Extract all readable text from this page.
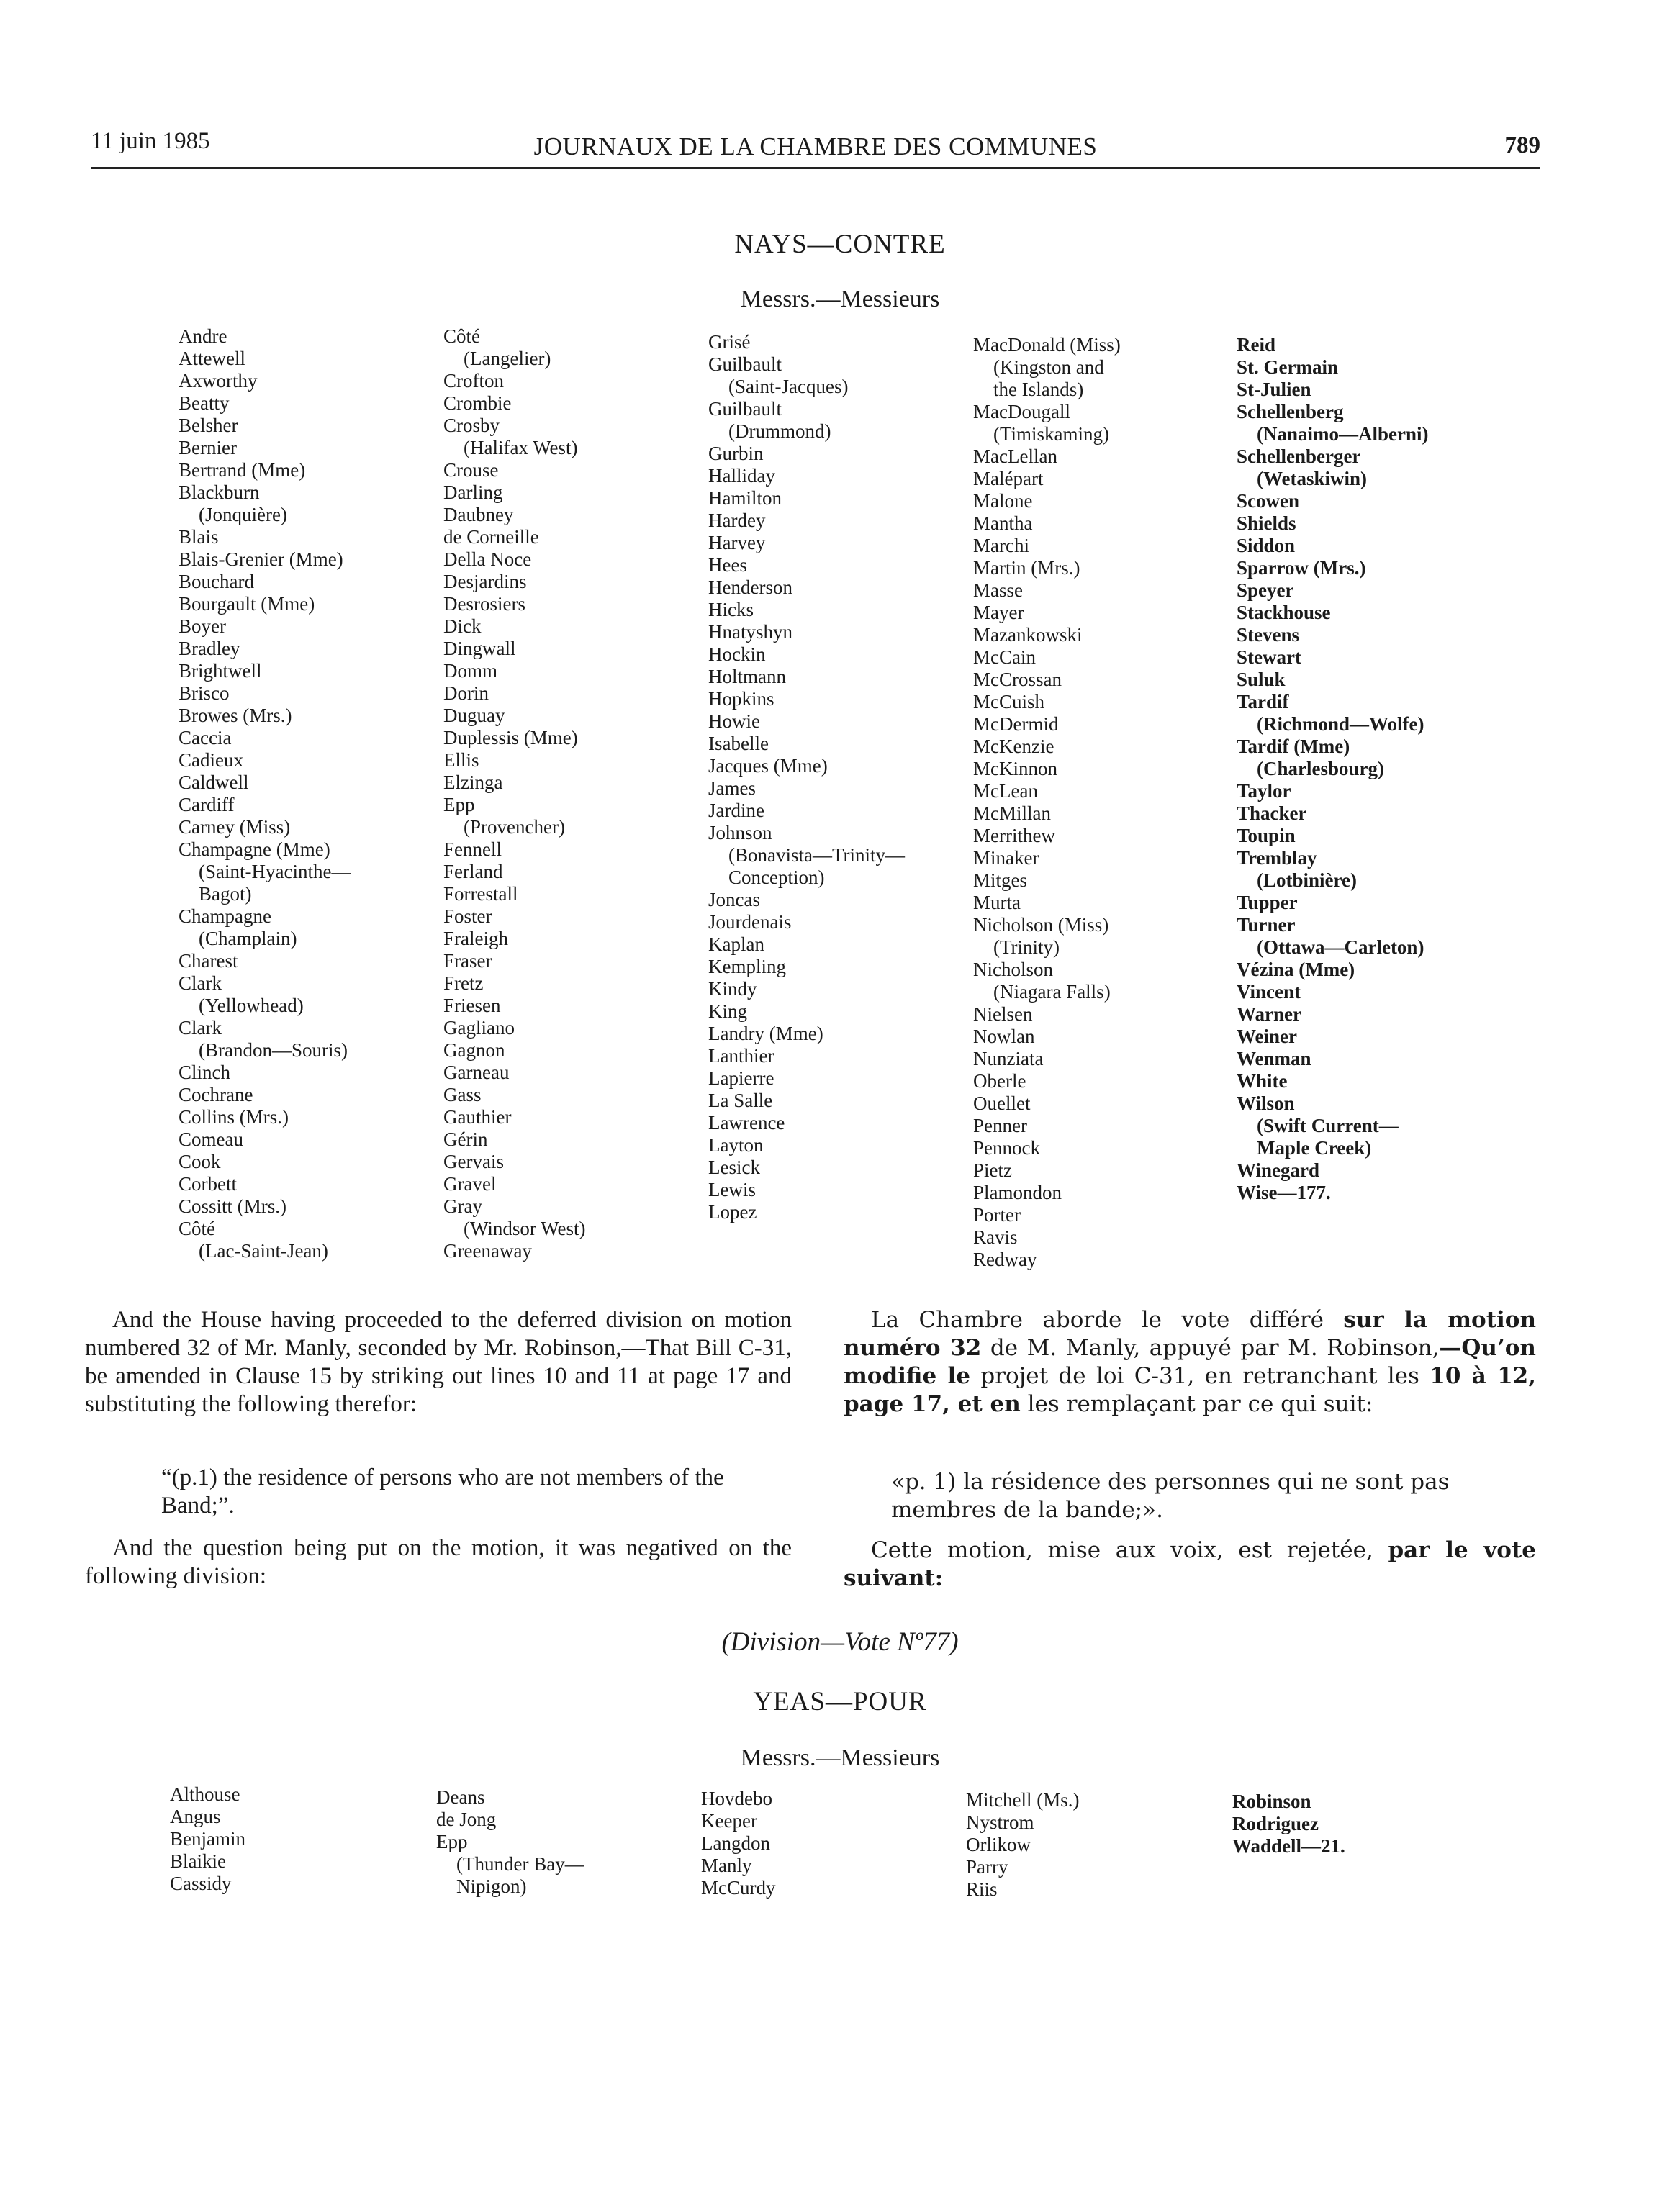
11 juin 1985	JOURNAUX DE LA CHAMBRE DES COMMUNES	789
NAYS—CONTRE
Messrs.—Messieurs
Andre
Attewell
Axworthy
Beatty
Belsher
Bernier
Bertrand (Mme)
Blackburn
(Jonquière)
Blais
Blais-Grenier (Mme)
Bouchard
Bourgault (Mme)
Boyer
Bradley
Brightwell
Brisco
Browes (Mrs.)
Caccia
Cadieux
Caldwell
Cardiff
Carney (Miss)
Champagne (Mme)
(Saint-Hyacinthe—
Bagot)
Champagne
(Champlain)
Charest
Clark
(Yellowhead)
Clark
(Brandon—Souris)
Clinch
Cochrane
Collins (Mrs.)
Comeau
Cook
Corbett
Cossitt (Mrs.)
Côté
(Lac-Saint-Jean)
Côté
(Langelier)
Crofton
Crombie
Crosby
(Halifax West)
Crouse
Darling
Daubney
de Corneille
Della Noce
Desjardins
Desrosiers
Dick
Dingwall
Domm
Dorin
Duguay
Duplessis (Mme)
Ellis
Elzinga
Epp
(Provencher)
Fennell
Ferland
Forrestall
Foster
Fraleigh
Fraser
Fretz
Friesen
Gagliano
Gagnon
Garneau
Gass
Gauthier
Gérin
Gervais
Gravel
Gray
(Windsor West)
Greenaway
Grisé
Guilbault
(Saint-Jacques)
Guilbault
(Drummond)
Gurbin
Halliday
Hamilton
Hardey
Harvey
Hees
Henderson
Hicks
Hnatyshyn
Hockin
Holtmann
Hopkins
Howie
Isabelle
Jacques (Mme)
James
Jardine
Johnson
(Bonavista—Trinity—
Conception)
Joncas
Jourdenais
Kaplan
Kempling
Kindy
King
Landry (Mme)
Lanthier
Lapierre
La Salle
Lawrence
Layton
Lesick
Lewis
Lopez
MacDonald (Miss)
(Kingston and
the Islands)
MacDougall
(Timiskaming)
MacLellan
Malépart
Malone
Mantha
Marchi
Martin (Mrs.)
Masse
Mayer
Mazankowski
McCain
McCrossan
McCuish
McDermid
McKenzie
McKinnon
McLean
McMillan
Merrithew
Minaker
Mitges
Murta
Nicholson (Miss)
(Trinity)
Nicholson
(Niagara Falls)
Nielsen
Nowlan
Nunziata
Oberle
Ouellet
Penner
Pennock
Pietz
Plamondon
Porter
Ravis
Redway
Reid
St. Germain
St-Julien
Schellenberg
(Nanaimo—Alberni)
Schellenberger
(Wetaskiwin)
Scowen
Shields
Siddon
Sparrow (Mrs.)
Speyer
Stackhouse
Stevens
Stewart
Suluk
Tardif
(Richmond—Wolfe)
Tardif (Mme)
(Charlesbourg)
Taylor
Thacker
Toupin
Tremblay
(Lotbinière)
Tupper
Turner
(Ottawa—Carleton)
Vézina (Mme)
Vincent
Warner
Weiner
Wenman
White
Wilson
(Swift Current—
Maple Creek)
Winegard
Wise—177.

And the House having proceeded to the deferred division on motion numbered 32 of Mr. Manly, seconded by Mr. Robinson,—That Bill C-31, be amended in Clause 15 by striking out lines 10 and 11 at page 17 and substituting the following therefor:

“(p.1) the residence of persons who are not members of the Band;”.

And the question being put on the motion, it was negatived on the following division:

La Chambre aborde le vote différé sur la motion numéro 32 de M. Manly, appuyé par M. Robinson,—Qu’on modifie le projet de loi C-31, en retranchant les 10 à 12, page 17, et en les remplaçant par ce qui suit:

«p. 1) la résidence des personnes qui ne sont pas membres de la bande;».

Cette motion, mise aux voix, est rejetée, par le vote suivant:

(Division—Vote Nº77)
YEAS—POUR
Messrs.—Messieurs
Althouse
Angus
Benjamin
Blaikie
Cassidy
Deans
de Jong
Epp
(Thunder Bay—
Nipigon)
Hovdebo
Keeper
Langdon
Manly
McCurdy
Mitchell (Ms.)
Nystrom
Orlikow
Parry
Riis
Robinson
Rodriguez
Waddell—21.
